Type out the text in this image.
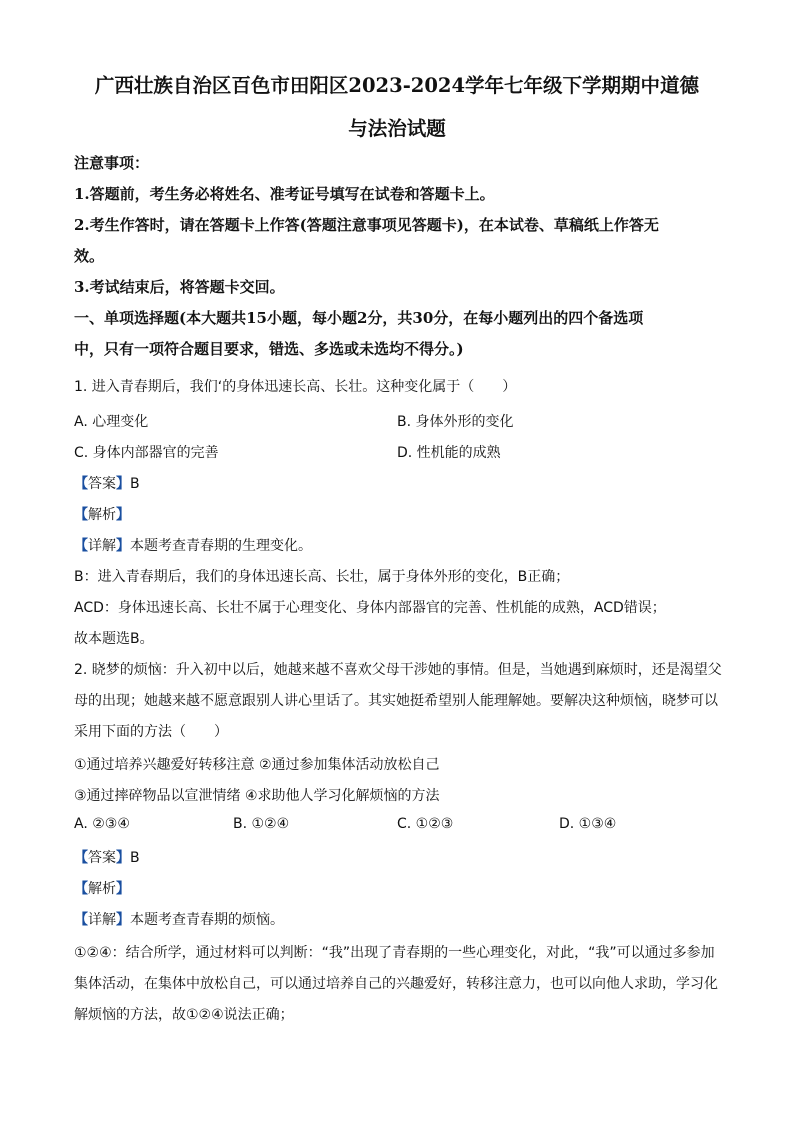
广西壮族自治区百色市田阳区2023-2024学年七年级下学期期中道德
与法治试题
注意事项：
1.答题前，考生务必将姓名、准考证号填写在试卷和答题卡上。
2.考生作答时，请在答题卡上作答(答题注意事项见答题卡)，在本试卷、草稿纸上作答无
效。
3.考试结束后，将答题卡交回。
一、单项选择题(本大题共15小题，每小题2分，共30分，在每小题列出的四个备选项
中，只有一项符合题目要求，错选、多选或未选均不得分。)
1. 进入青春期后，我们ʻ的身体迅速长高、长壮。这种变化属于（　　）
A. 心理变化	B. 身体外形的变化
C. 身体内部器官的完善	D. 性机能的成熟
【答案】B
【解析】
【详解】本题考查青春期的生理变化。
B：进入青春期后，我们的身体迅速长高、长壮，属于身体外形的变化，B正确；
ACD：身体迅速长高、长壮不属于心理变化、身体内部器官的完善、性机能的成熟，ACD错误；
故本题选B。
2. 晓梦的烦恼：升入初中以后，她越来越不喜欢父母干涉她的事情。但是，当她遇到麻烦时，还是渴望父
母的出现；她越来越不愿意跟别人讲心里话了。其实她挺希望别人能理解她。要解决这种烦恼，晓梦可以
采用下面的方法（　　）
①通过培养兴趣爱好转移注意 ②通过参加集体活动放松自己
③通过摔碎物品以宣泄情绪 ④求助他人学习化解烦恼的方法
A. ②③④	B. ①②④	C. ①②③	D. ①③④
【答案】B
【解析】
【详解】本题考查青春期的烦恼。
①②④：结合所学，通过材料可以判断：“我”出现了青春期的一些心理变化，对此，“我”可以通过多参加
集体活动，在集体中放松自己，可以通过培养自己的兴趣爱好，转移注意力，也可以向他人求助，学习化
解烦恼的方法，故①②④说法正确；
